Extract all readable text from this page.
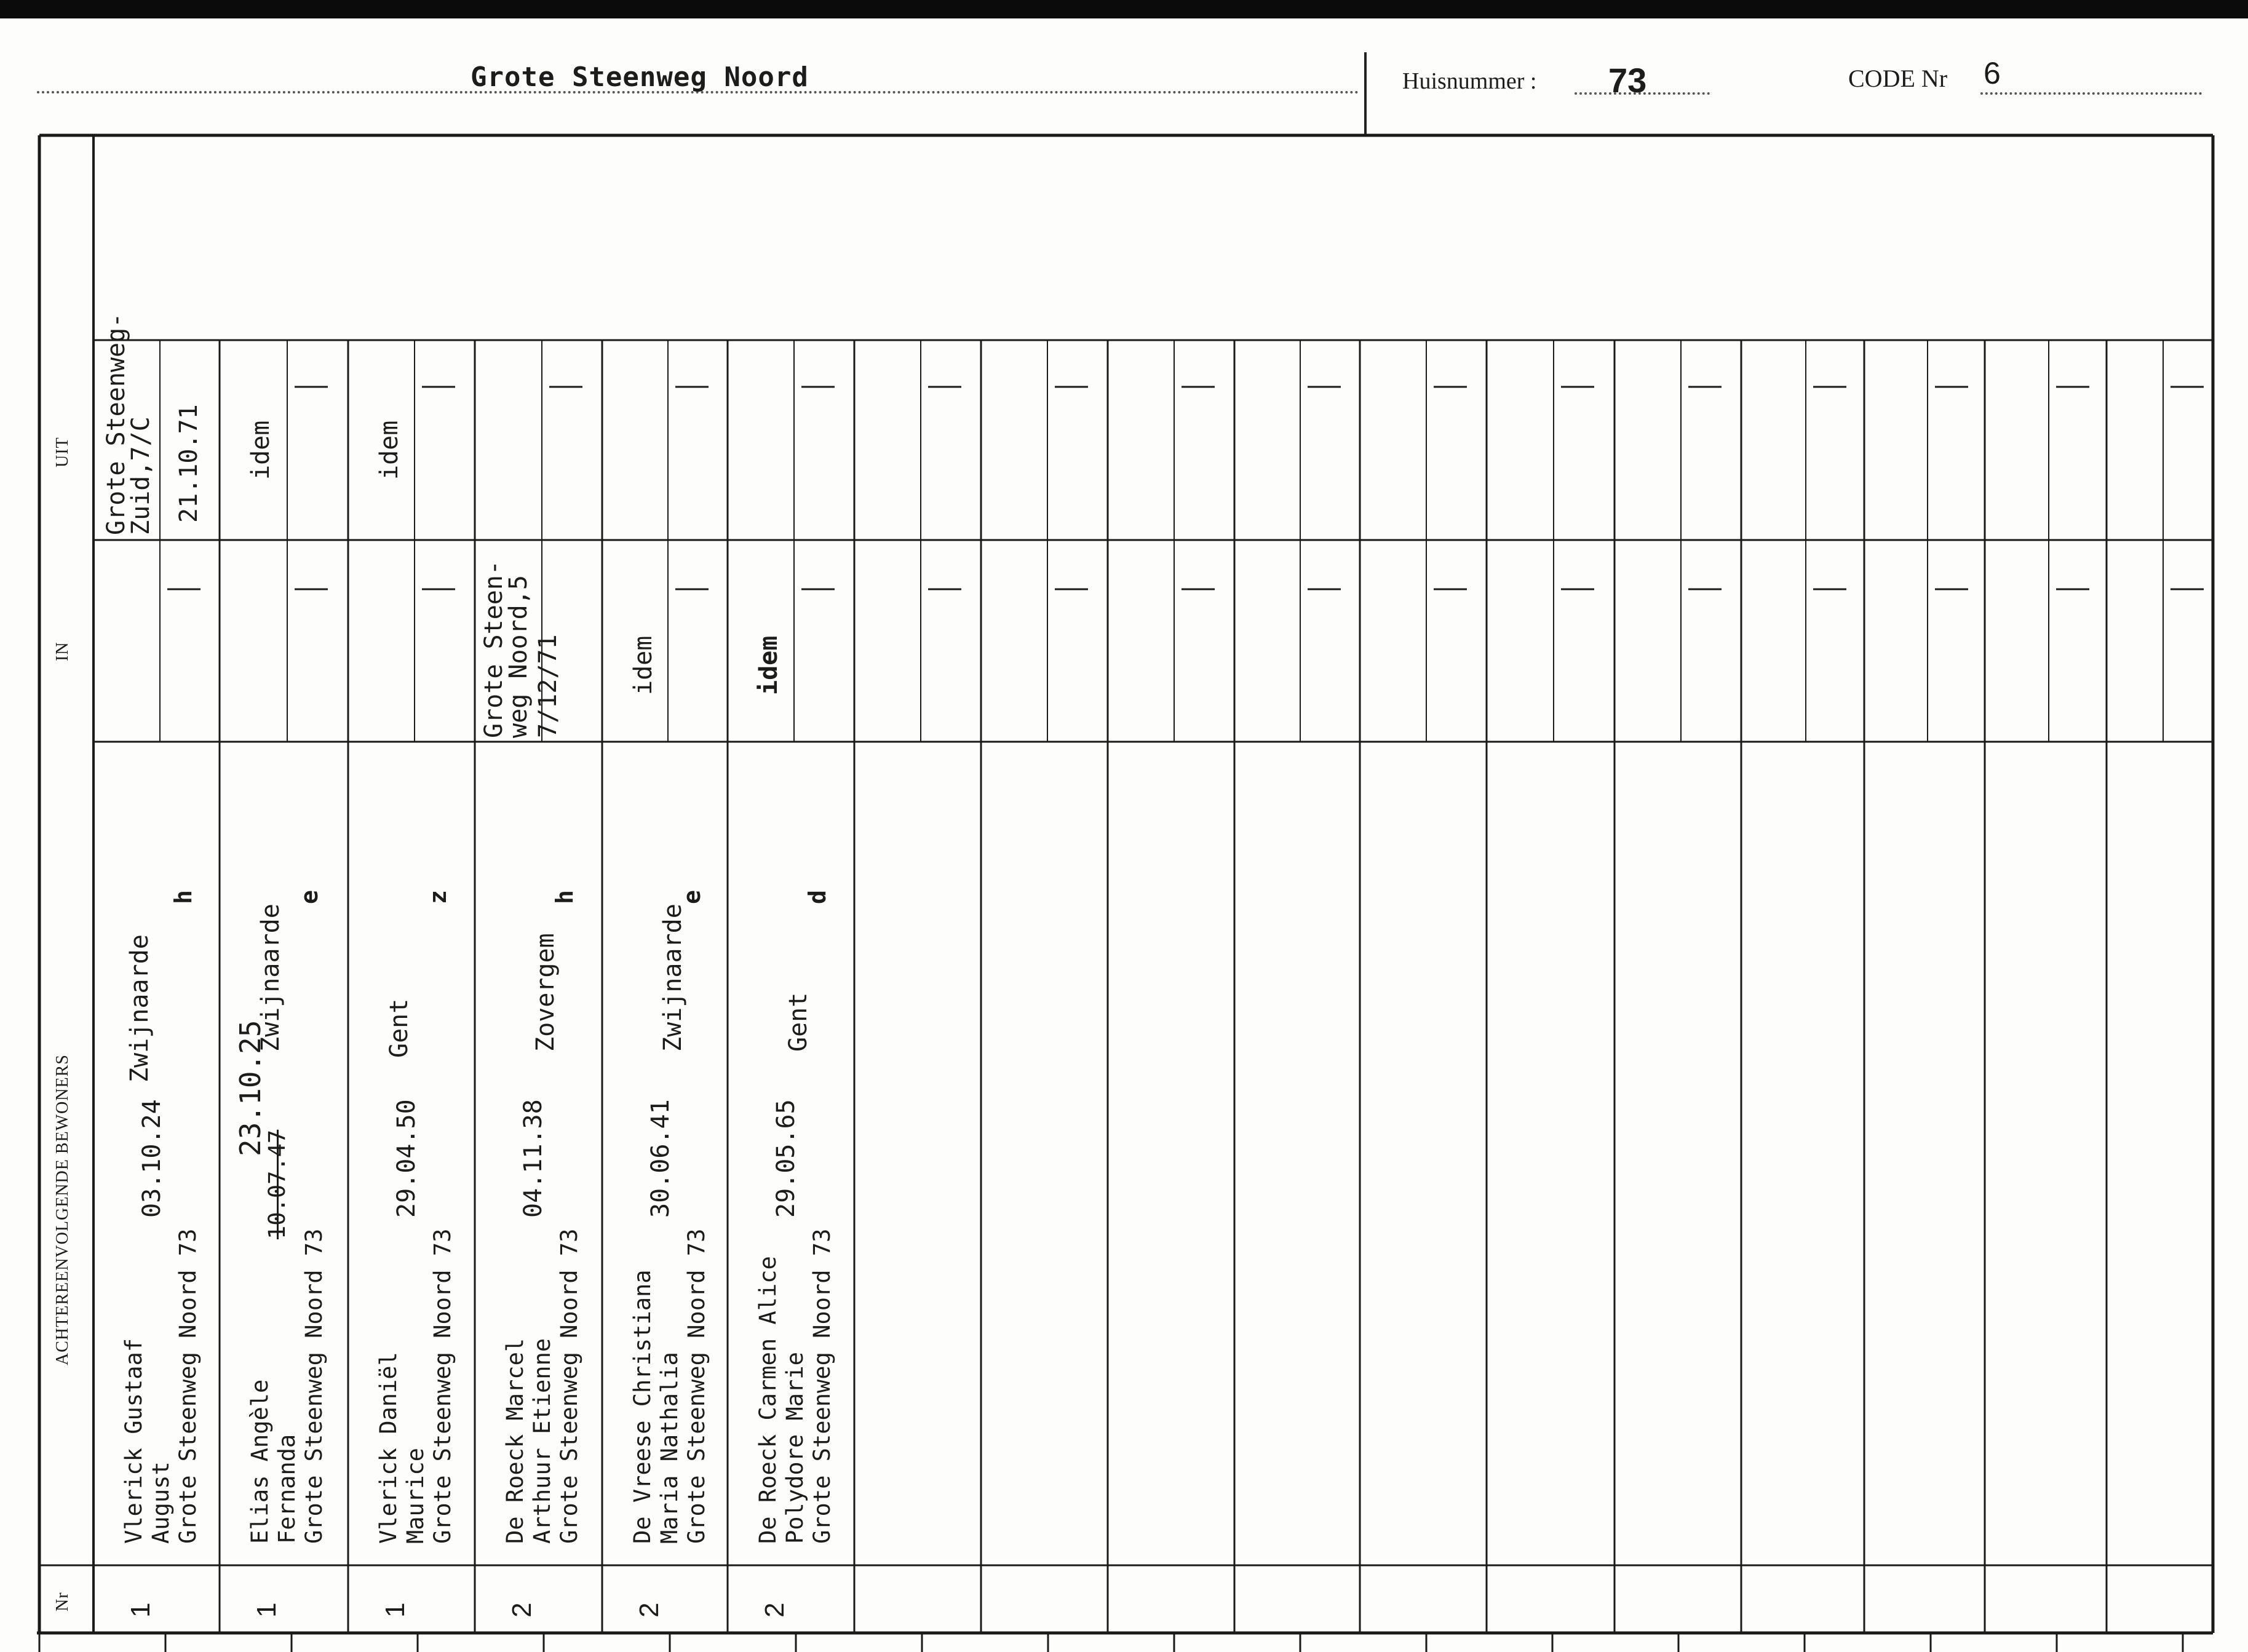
Grote Steenweg Noord	Huisnummer : 73	CODE Nr 6
UIT
IN
ACHTEREENVOLGENDE BEWONERS
Nr
Vlerick Gustaaf August Grote Steenweg Noord 73
03.10.24
Zwijnaarde
h
1
Grote Steenweg-
Zuid,7/C 21.10.71
Elias Angèle Fernanda Grote Steenweg Noord 73
23.10.25
10.07.47
Zwijnaarde
e
1
idem
Vlerick Daniël Maurice Grote Steenweg Noord 73
29.04.50
Gent
z
1
idem
De Roeck Marcel Arthuur Etienne Grote Steenweg Noord 73
04.11.38
Zovergem
h
2
Grote Steen-
weg Noord,5 7/12/71
De Vreese Christiana Maria Nathalia Grote Steenweg Noord 73
30.06.41
Zwijnaarde
e
2
idem
De Roeck Carmen Alice Polydore Marie Grote Steenweg Noord 73
29.05.65
Gent
d
2
idem
